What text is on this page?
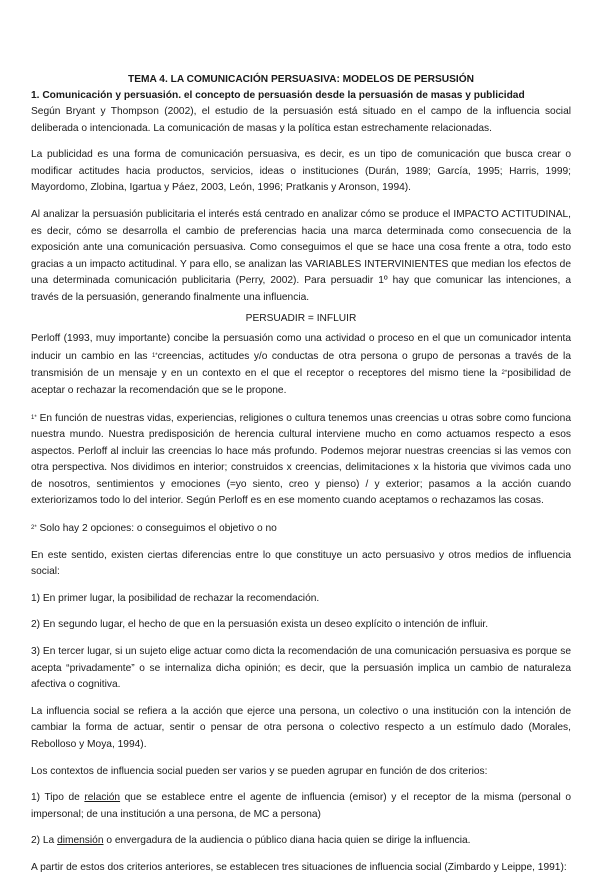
TEMA 4. LA COMUNICACIÓN PERSUASIVA: MODELOS DE PERSUSIÓN

1. Comunicación y persuasión. el concepto de persuasión desde la persuasión de masas y publicidad

Según Bryant y Thompson (2002), el estudio de la persuasión está situado en el campo de la influencia social deliberada o intencionada. La comunicación de masas y la política estan estrechamente relacionadas.

La publicidad es una forma de comunicación persuasiva, es decir, es un tipo de comunicación que busca crear o modificar actitudes hacia productos, servicios, ideas o instituciones (Durán, 1989; García, 1995; Harris, 1999; Mayordomo, Zlobina, Igartua y Páez, 2003, León, 1996; Pratkanis y Aronson, 1994).

Al analizar la persuasión publicitaria el interés está centrado en analizar cómo se produce el IMPACTO ACTITUDINAL, es decir, cómo se desarrolla el cambio de preferencias hacia una marca determinada como consecuencia de la exposición ante una comunicación persuasiva. Como conseguimos el que se hace una cosa frente a otra, todo esto gracias a un impacto actitudinal. Y para ello, se analizan las VARIABLES INTERVINIENTES que median los efectos de una determinada comunicación publicitaria (Perry, 2002). Para persuadir 1º hay que comunicar las intenciones, a través de la persuasión, generando finalmente una influencia.

PERSUADIR = INFLUIR

Perloff (1993, muy importante) concibe la persuasión como una actividad o proceso en el que un comunicador intenta inducir un cambio en las $^{1*}$creencias, actitudes y/o conductas de otra persona o grupo de personas a través de la transmisión de un mensaje y en un contexto en el que el receptor o receptores del mismo tiene la $^{2*}$posibilidad de aceptar o rechazar la recomendación que se le propone.

$^{1*}$ En función de nuestras vidas, experiencias, religiones o cultura tenemos unas creencias u otras sobre como funciona nuestra mundo. Nuestra predisposición de herencia cultural interviene mucho en como actuamos respecto a esos aspectos. Perloff al incluir las creencias lo hace más profundo. Podemos mejorar nuestras creencias si las vemos con otra perspectiva. Nos dividimos en interior; construidos x creencias, delimitaciones x la historia que vivimos cada uno de nosotros, sentimientos y emociones (=yo siento, creo y pienso) / y exterior; pasamos a la acción cuando exteriorizamos todo lo del interior. Según Perloff es en ese momento cuando aceptamos o rechazamos las cosas.

$^{2*}$ Solo hay 2 opciones: o conseguimos el objetivo o no

En este sentido, existen ciertas diferencias entre lo que constituye un acto persuasivo y otros medios de influencia social:

1) En primer lugar, la posibilidad de rechazar la recomendación.

2) En segundo lugar, el hecho de que en la persuasión exista un deseo explícito o intención de influir.

3) En tercer lugar, si un sujeto elige actuar como dicta la recomendación de una comunicación persuasiva es porque se acepta “privadamente” o se internaliza dicha opinión; es decir, que la persuasión implica un cambio de naturaleza afectiva o cognitiva.

La influencia social se refiera a la acción que ejerce una persona, un colectivo o una institución con la intención de cambiar la forma de actuar, sentir o pensar de otra persona o colectivo respecto a un estímulo dado (Morales, Rebolloso y Moya, 1994).

Los contextos de influencia social pueden ser varios y se pueden agrupar en función de dos criterios:

1) Tipo de relación que se establece entre el agente de influencia (emisor) y el receptor de la misma (personal o impersonal; de una institución a una persona, de MC a persona)

2) La dimensión o envergadura de la audiencia o público diana hacia quien se dirige la influencia.

A partir de estos dos criterios anteriores, se establecen tres situaciones de influencia social (Zimbardo y Leippe, 1991):
